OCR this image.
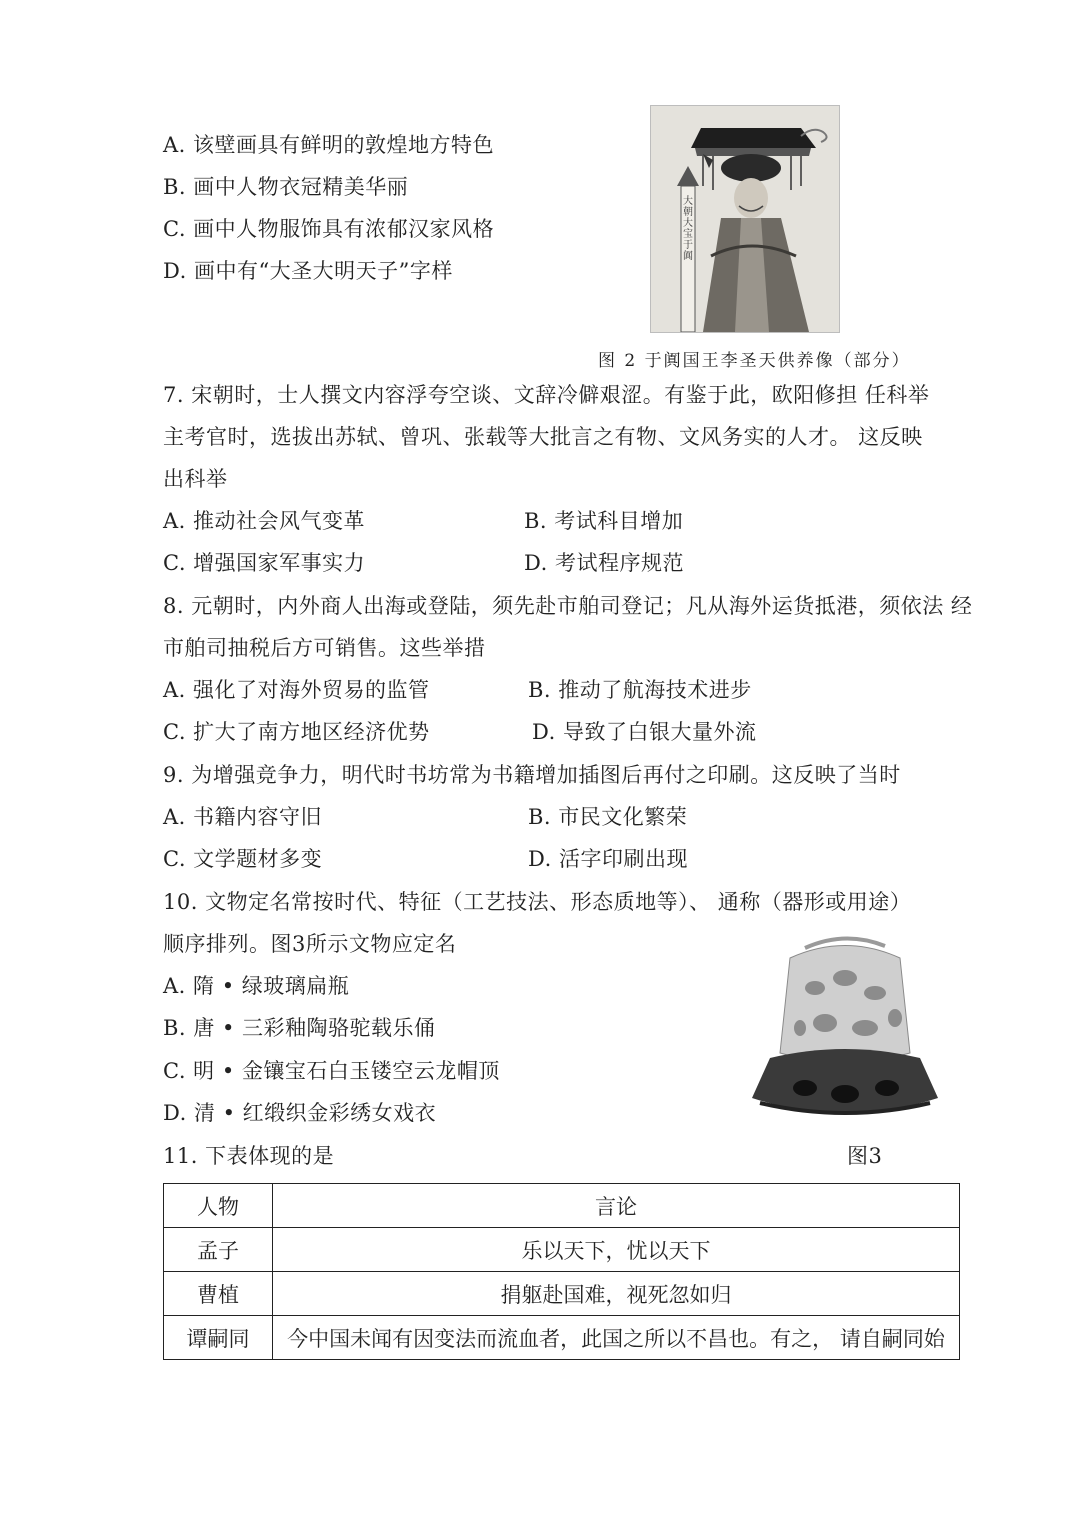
A. 该壁画具有鲜明的敦煌地方特色
B. 画中人物衣冠精美华丽
C. 画中人物服饰具有浓郁汉家风格
D. 画中有“大圣大明天子”字样
大朝大宝于阗
图 2 于阗国王李圣天供养像（部分）
7. 宋朝时，士人撰文内容浮夸空谈、文辞冷僻艰涩。有鉴于此，欧阳修担 任科举
主考官时，选拔出苏轼、曾巩、张载等大批言之有物、文风务实的人才。 这反映
出科举
A. 推动社会风气变革	B. 考试科目增加
C. 增强国家军事实力	D. 考试程序规范
8. 元朝时，内外商人出海或登陆，须先赴市舶司登记；凡从海外运货抵港，须依法 经
市舶司抽税后方可销售。这些举措
A. 强化了对海外贸易的监管	B. 推动了航海技术进步
C. 扩大了南方地区经济优势	D. 导致了白银大量外流
9. 为增强竞争力，明代时书坊常为书籍增加插图后再付之印刷。这反映了当时
A. 书籍内容守旧	B. 市民文化繁荣
C. 文学题材多变	D. 活字印刷出现
10. 文物定名常按时代、特征（工艺技法、形态质地等）、 通称（器形或用途）
顺序排列。图3所示文物应定名
A. 隋 • 绿玻璃扁瓶
B. 唐 • 三彩釉陶骆驼载乐俑
C. 明 • 金镶宝石白玉镂空云龙帽顶
D. 清 • 红缎织金彩绣女戏衣
11. 下表体现的是	图3
人物	言论
孟子	乐以天下，忧以天下
曹植	捐躯赴国难，视死忽如归
谭嗣同	今中国未闻有因变法而流血者，此国之所以不昌也。有之， 请自嗣同始
